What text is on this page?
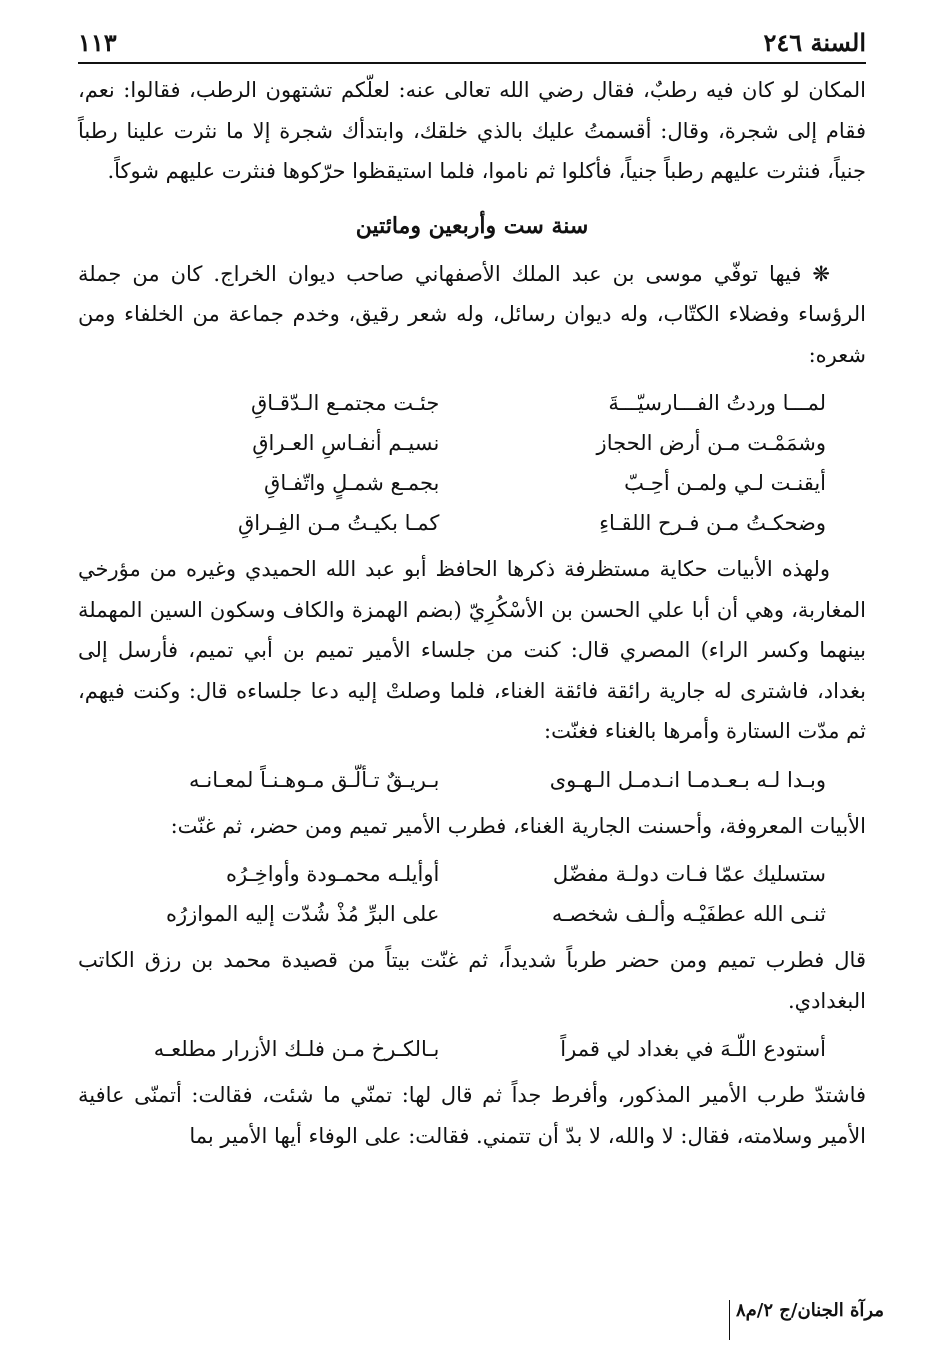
١١٣	السنة ٢٤٦

المكان لو كان فيه رطبٌ، فقال رضي الله تعالى عنه: لعلّكم تشتهون الرطب، فقالوا: نعم، فقام إلى شجرة، وقال: أقسمتُ عليك بالذي خلقك، وابتدأك شجرة إلا ما نثرت علينا رطباً جنياً، فنثرت عليهم رطباً جنياً، فأكلوا ثم ناموا، فلما استيقظوا حرّكوها فنثرت عليهم شوكاً.

سنة ست وأربعين ومائتين

❋ فيها توفّي موسى بن عبد الملك الأصفهاني صاحب ديوان الخراج. كان من جملة الرؤساء وفضلاء الكتّاب، وله ديوان رسائل، وله شعر رقيق، وخدم جماعة من الخلفاء ومن شعره:

لمـــا وردتُ الفـــارسيّـــةَ
جئـت مجتمـع الـدّقـاقِ
وشمَمْـت مـن أرض الحجاز
نسيـم أنفـاسِ العـراقِ
أيقنـت لـي ولمـن أحِـبّ
بجمـع شمـلٍ واتّفـاقِ
وضحكـتُ مـن فـرح اللقـاءِ
كمـا بكيـتُ مـن الفِـراقِ

ولهذه الأبيات حكاية مستظرفة ذكرها الحافظ أبو عبد الله الحميدي وغيره من مؤرخي المغاربة، وهي أن أبا علي الحسن بن الأسْكُرِيّ (بضم الهمزة والكاف وسكون السين المهملة بينهما وكسر الراء) المصري قال: كنت من جلساء الأمير تميم بن أبي تميم، فأرسل إلى بغداد، فاشترى له جارية رائقة فائقة الغناء، فلما وصلتْ إليه دعا جلساءه قال: وكنت فيهم، ثم مدّت الستارة وأمرها بالغناء فغنّت:

وبـدا لـه بـعـدمـا انـدمـل الـهـوى
بـريـقٌ تـألّـق مـوهـنـاً لمعـانـه

الأبيات المعروفة، وأحسنت الجارية الغناء، فطرب الأمير تميم ومن حضر، ثم غنّت:

ستسليك عمّا فـات دولـة مفضّل
أوأيلـه محمـودة وأواخِـرُه
ثنـى الله عطفَيْـه وألـف شخصـه
على البرِّ مُذْ شُدّت إليه الموازرُه

قال فطرب تميم ومن حضر طرباً شديداً، ثم غنّت بيتاً من قصيدة محمد بن رزق الكاتب البغدادي.

أستودع اللّـهَ في بغداد لي قمراً
بـالكـرخ مـن فلـك الأزرار مطلعـه

فاشتدّ طرب الأمير المذكور، وأفرط جداً ثم قال لها: تمنّي ما شئت، فقالت: أتمنّى عافية الأمير وسلامته، فقال: لا والله، لا بدّ أن تتمني. فقالت: على الوفاء أيها الأمير بما

مرآة الجنان/ج ٢/م٨
